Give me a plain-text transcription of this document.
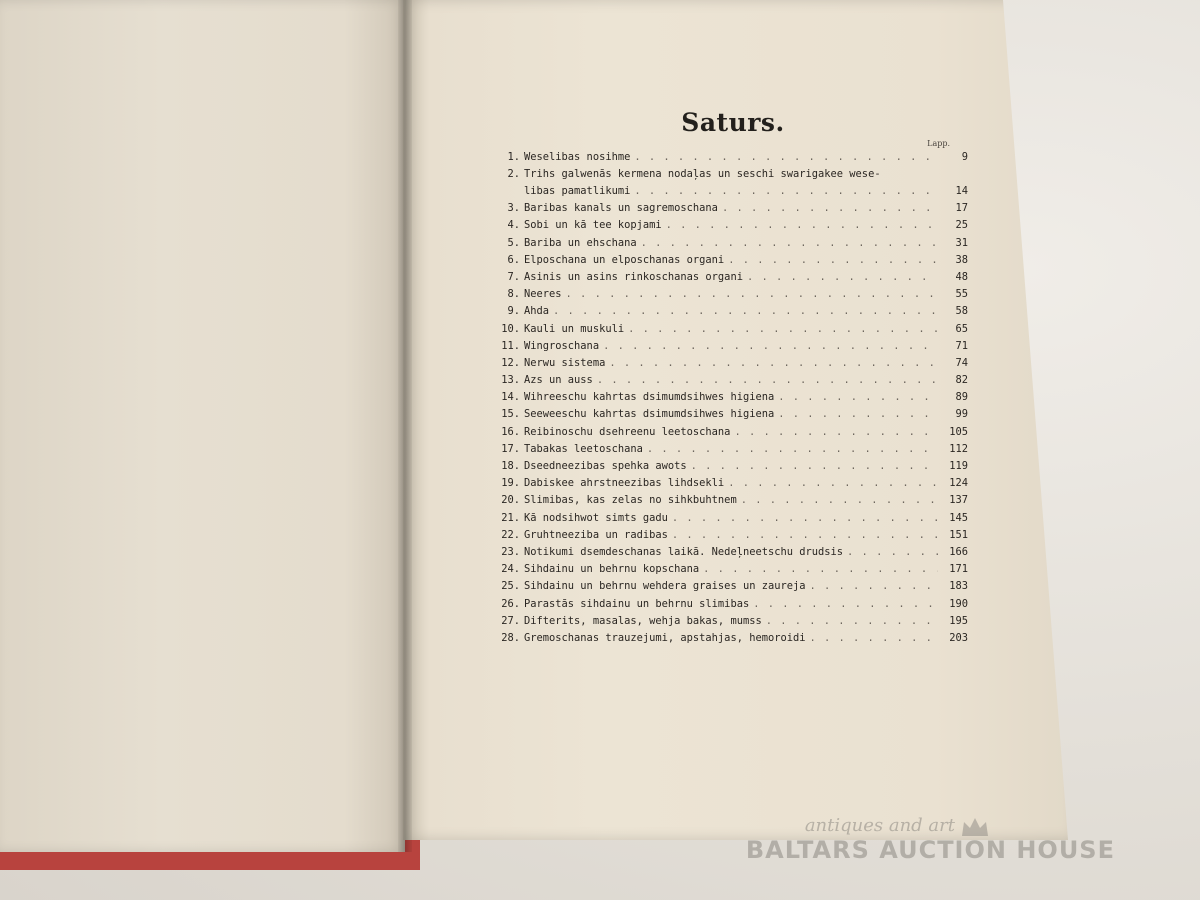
Saturs.
Lapp.
1. Weselibas nosihme . . .	9
2. Trihs galwenās kermena nodaļas un seschi swarigakee wese-
libas pamatlikumi . . .	14
3. Baribas kanals un sagremoschana . . .	17
4. Sobi un kā tee kopjami . . .	25
5. Bariba un ehschana . . .	31
6. Elposchana un elposchanas organi . . .	38
7. Asinis un asins rinkoschanas organi . . .	48
8. Neeres . . .	55
9. Ahda . . .	58
10. Kauli un muskuli . . .	65
11. Wingroschana . . .	71
12. Nerwu sistema . . .	74
13. Azs un auss . . .	82
14. Wihreeschu kahrtas dsimumdsihwes higiena . . .	89
15. Seeweeschu kahrtas dsimumdsihwes higiena . . .	99
16. Reibinoschu dsehreenu leetoschana . . .	105
17. Tabakas leetoschana . . .	112
18. Dseedneezibas spehka awots . . .	119
19. Dabiskee ahrstneezibas lihdsekli . . .	124
20. Slimibas, kas zelas no sihkbuhtnem . . .	137
21. Kā nodsihwot simts gadu . . .	145
22. Gruhtneeziba un radibas . . .	151
23. Notikumi dsemdeschanas laikā. Nedeļneetschu drudsis . . .	166
24. Sihdainu un behrnu kopschana . . .	171
25. Sihdainu un behrnu wehdera graises un zaureja . . .	183
26. Parastās sihdainu un behrnu slimibas . . .	190
27. Difterits, masalas, wehja bakas, mumss . . .	195
28. Gremoschanas trauzejumi, apstahjas, hemoroidi . . .	203
antiques and art
BALTARS AUCTION HOUSE
